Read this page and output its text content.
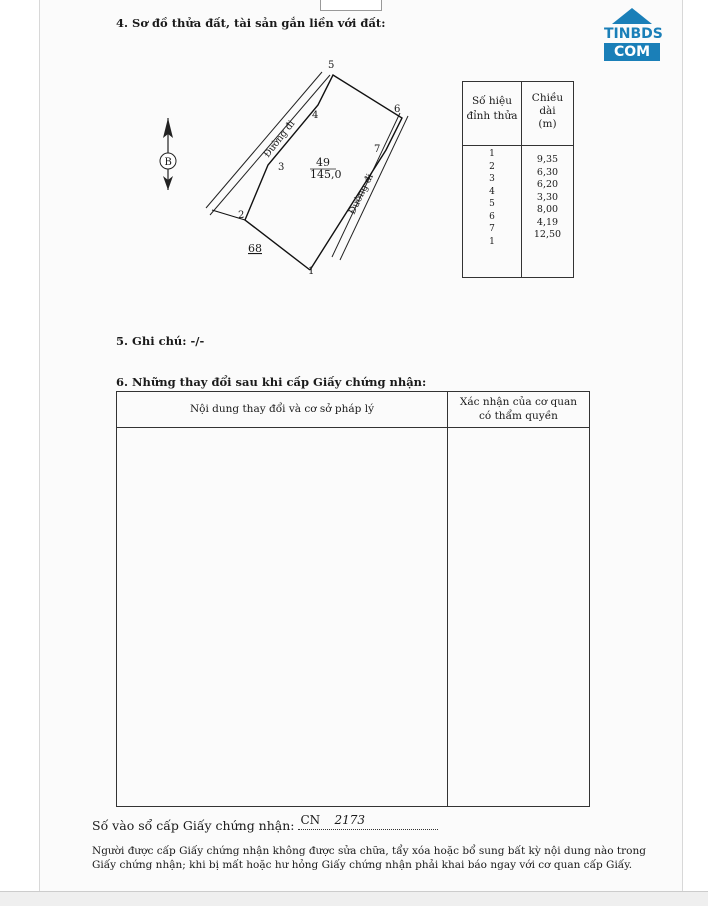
4. Sơ đồ thửa đất, tài sản gắn liền với đất:
TINBDS
COM
B
1
2
3
4
5
6
7
49
145,0
68
Đường đi
Đường đi
Số hiệu
đỉnh thửa
Chiều
dài
(m)
1
2
3
4
5
6
7
1
9,35
6,30
6,20
3,30
8,00
4,19
12,50
5. Ghi chú: -/-
6. Những thay đổi sau khi cấp Giấy chứng nhận:
Nội dung thay đổi và cơ sở pháp lý
Xác nhận của cơ quan
có thẩm quyền
Số vào sổ cấp Giấy chứng nhận: CN 2173
Người được cấp Giấy chứng nhận không được sửa chữa, tẩy xóa hoặc bổ sung bất kỳ nội dung nào trong Giấy chứng nhận; khi bị mất hoặc hư hỏng Giấy chứng nhận phải khai báo ngay với cơ quan cấp Giấy.
